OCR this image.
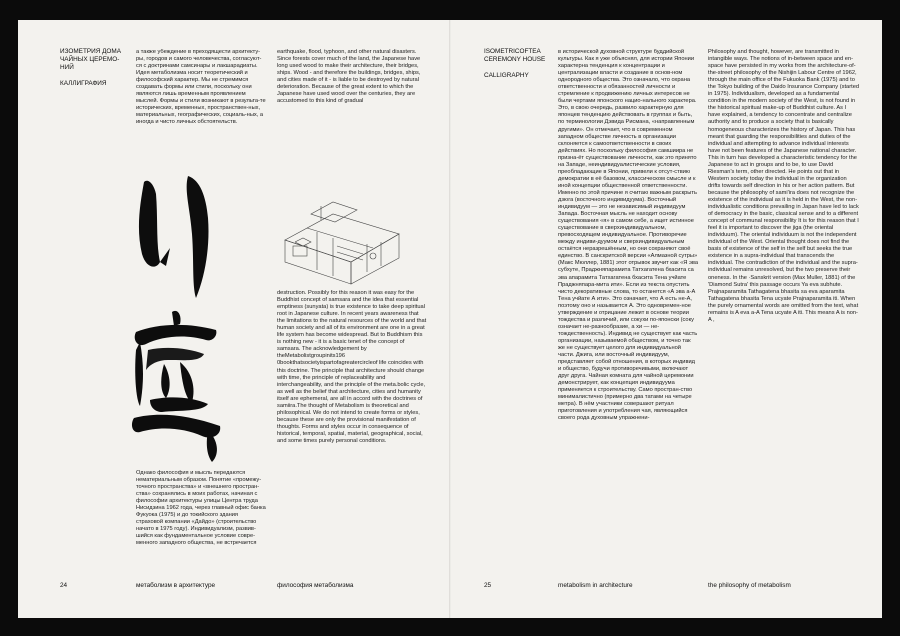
ИЗОМЕТРИЯ ДОМА
ЧАЙНЫХ ЦЕРЕМО-
НИЙ
КАЛЛИГРАФИЯ

а также убеждение в преходящести архитекту-ры, городов и самого человечества, согласуют-ся с доктринами самсинары и лакшарадиаты. Идея метаболизма носит теоретический и философский характер. Мы не стремимся создавать формы или стили, поскольку они являются лишь временным проявлением мыслей. Формы и стили возникают в результа-те исторических, временных, пространствен-ных, материальных, географических, социаль-ных, а иногда и чисто личных обстоятельств.

Однако философия и мысль передаются нематериальным образом. Понятие «промежу-точного пространства» и «внешнего простран-ства» сохранялись в моих работах, начиная с философии архитектуры улицы Центра труда Нисидзина 1962 года, через главный офис банка Фукуока (1975) и до токийского здания страховой компании «Дайдо» (строительство начато в 1975 году). Индивидуализм, развив-шийся как фундаментальное условие совре-менного западного общества, не встречается

earthquake, flood, typhoon, and other natural disasters. Since forests cover much of the land, the Japanese have long used wood to make their architecture, their bridges, ships. Wood - and therefore the buildings, bridges, ships, and cities made of it - is liable to be destroyed by natural deterioration. Because of the great extent to which the Japanese have used wood over the centuries, they are accustomed to this kind of gradual

destruction. Possibly for this reason it was easy for the Buddhist concept of samsara and the idea that essential emptiness (sunyata) is true existence to take deep spiritual root in Japanese culture. In recent years awareness that the limitations to the natural resources of the world and that human society and all of its environment are one in a great life system has become widespread. But to Buddhism this is nothing new - it is a basic tenet of the concept of samsara. The acknowledgement by theMetabolistgroupinits196 0bookthatsocietyispartofagreatercircleof life coincides with this doctrine. The principle that architecture should change with time, the principle of replaceability and interchangeability, and the principle of the meta.bolic cycle, as well as the belief that architecture, cities and humanity itself are ephemeral, are all in accord with the doctrines of samiira.The thought of Metabolism is theoretical and philosophical. We do not intend to create forms or styles, because these are only the provisional manifestation of thoughts. Forms and styles occur in consequence of historical, temporal, spatial, material, geographical, social, and some times purely personal conditions.

24	метаболизм в архитектуре	философия метаболизма
ISOMETRICOFTEA
CEREMONY HOUSE
CALLIGRAPHY

в исторической духовной структуре буддийской культуры. Как я уже объяснял, для истории Японии характерна тенденция к концентрации и централизации власти и создание в основ-ном однородного общества. Это означало, что охрана ответственности и обязанностей личности и стремление к продвижению личных интересов не были чертами японского нацио-нального характера. Это, в свою очередь, развило характерную для японцев тенденцию действовать в группах и быть, по терминологии Дэвида Рисмана, «направленным другими». Он отмечает, что в современном западном обществе личность в организации склоняется к самоответственности в своих действиях. Но поскольку философия самшиира не призна-ёт существование личности, как это принято на Западе, неиндивидуалистические условия, преобладающие в Японии, привели к отсут-ствию демократии в её базовом, классическом смысле и к иной концепции общественной ответственности. Именно по этой причине я считаю важным раскрыть дзюга (восточного индивидуума). Восточный индивидуум — это не независимый индивидуум Запада. Восточная мысль не находит основу существования «я» в самом себе, а ищет истинное существование в сверхиндивидуальном, превосходящем индивидуальное. Противоречие между индиви-дуумом и сверхиндивидуальным остаётся неразрешённым, но они сохраняют своё единство. В санскритской версии «Алмазной сутры» (Макс Мюллер, 1881) этот отрывок звучит как «Я эва субхуте, Праджняпарамита Татхагатена бхасита са эва апарамита Татхагатена бхасита Тена учйате Праджняпара-мита ити». Если из текста опустить чисто декоративные слова, то останется «А эва а-А Тена учйате А ити». Это означает, что А есть не-А, поэтому оно и называется А. Это одновремен-ное утверждение и отрицание лежит в основе теории тождества и различий, или сокухи по-японски (соку означает не-разнообразие, а хи — не-тождественность). Индивид не существует как часть организации, называемой обществом, и точно так же не существует целого для индивидуальной части. Джига, или восточный индивидуум, представляет собой отношения, в которых индивид и общество, будучи противоречивыми, включают друг друга. Чайная комната для чайной церемонии демонстрирует, как концепция индивидуума применяется к строительству. Само простран-ство минималистично (примерно два татами на четыре метра). В нём участники совершают ритуал приготовления и употребления чая, являющийся своего рода духовным упражнени-

Philosophy and thought, however, are transmitted in intangible ways. The notions of in-between space and en-space have persisted in my works from the architecture-of-the-street philosophy of the Nishijin Labour Centre of 1962, through the main office of the Fukuoka Bank (1975) and to the Tokyo building of the Daido Insurance Company (started in 1975). Individualism, developed as a fundamental condition in the modern society of the West, is not found in the historical spiritual make-up of Buddhist culture. As I have explained, a tendency to concentrate and centralize authority and to produce a society that is basically homogeneous characterizes the history of Japan. This has meant that guarding the responsibilities and duties of the individual and attempting to advance individual interests have not been features of the Japanese national character. This in turn has developed a characteristic tendency for the Japanese to act in groups and to be, to use David Riesman's term, other directed. He points out that in Western society today the individual in the organization drifts towards self direction in his or her action pattern. But because the philosophy of sami'ira does not recognize the existence of the individual as it is held in the West, the non-individualistic conditions prevailing in Japan have led to lack of democracy in the basic, classical sense and to a different concept of communal responsibility It is for this reason that I feel it is important to discover the jiga (the oriental individuum). The oriental individuum is not the independent individual of the West. Oriental thought does not find the basis of existence of the self in the self but seeks the true existence in a supra-individual that transcends the individual. The contradiction of the individual and the supra-individual remains unresolved, but the two preserve their oneness. In the ·Sanskrit version (Max Muller, 1881) of the 'Diamond Sutra' this passage occurs Ya eva subhute. Prajnaparamita Tathagatena bhasita sa eva aparamita Tathagatena bhasita Tena ucyate Prajnaparamita iti. When the purely ornamental words are omitted from the text, what remains is A eva a-A Tena ucyate A iti. This means A is non-A ,

25	metabolism in architecture	the philosophy of metabolism
